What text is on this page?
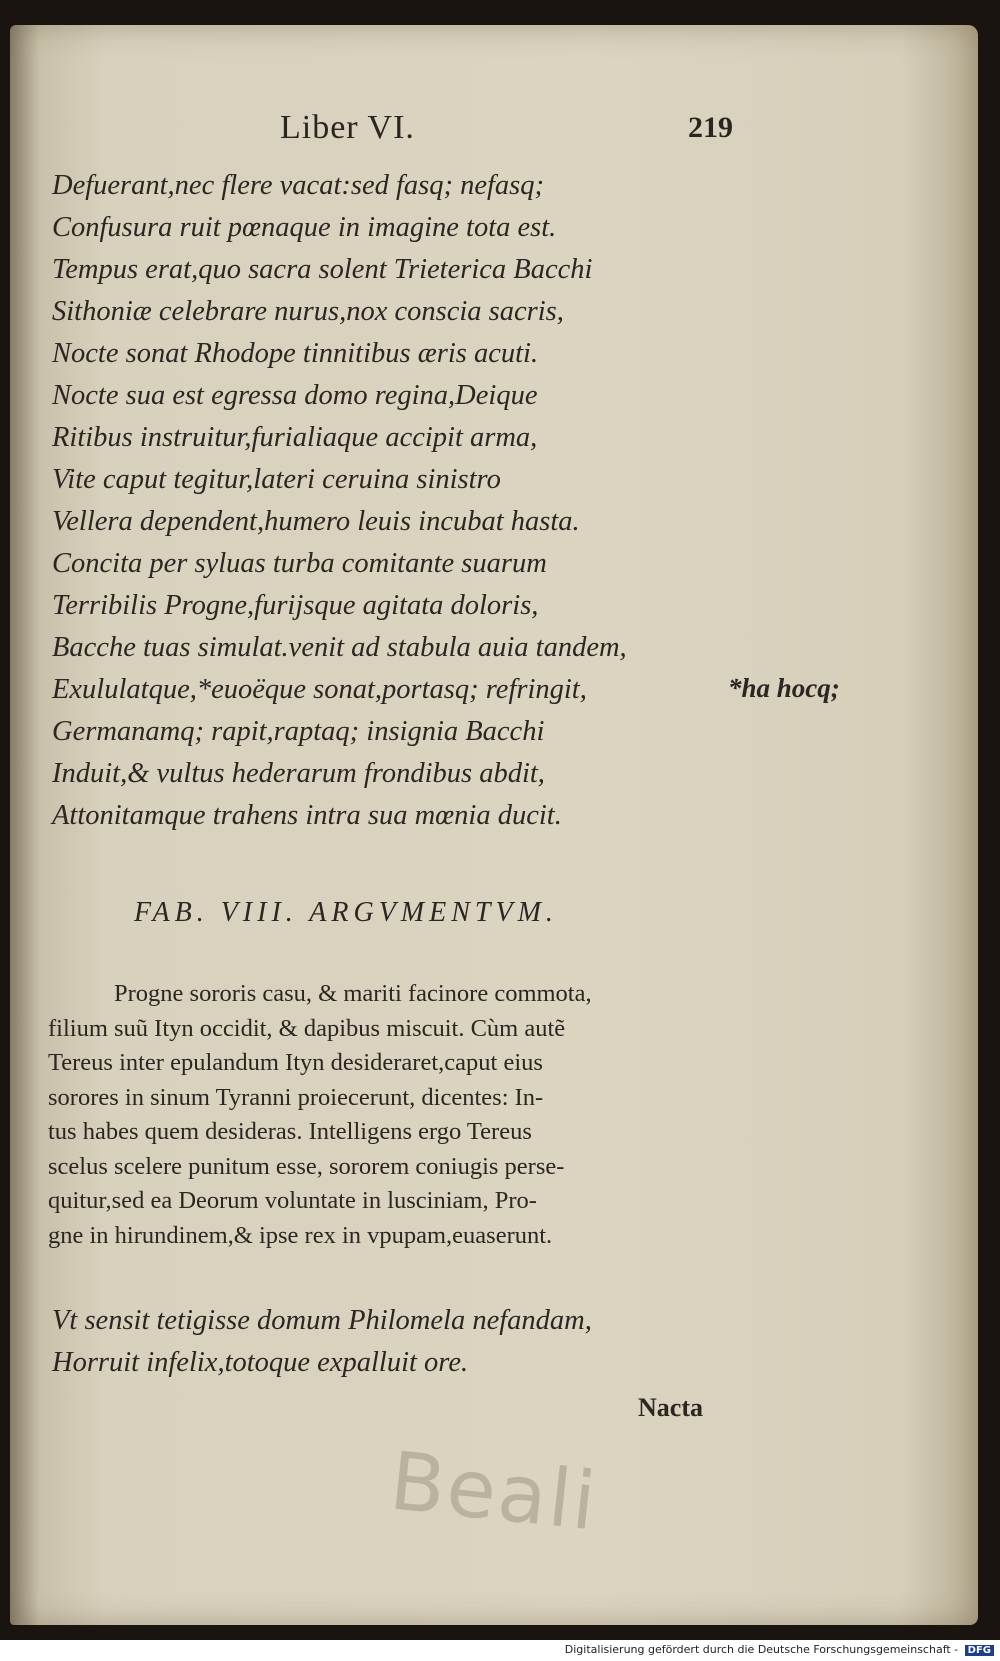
Liber VI.	219
Defuerant,nec flere vacat:sed fasq; nefasq;
Confusura ruit pœnaque in imagine tota est.
Tempus erat,quo sacra solent Trieterica Bacchi
Sithoniæ celebrare nurus,nox conscia sacris,
Nocte sonat Rhodope tinnitibus æris acuti.
Nocte sua est egressa domo regina,Deique
Ritibus instruitur,furialiaque accipit arma,
Vite caput tegitur,lateri ceruina sinistro
Vellera dependent,humero leuis incubat hasta.
Concita per syluas turba comitante suarum
Terribilis Progne,furijsque agitata doloris,
Bacche tuas simulat.venit ad stabula auia tandem,
Exululatque,*euoëque sonat,portasq; refringit,
Germanamq; rapit,raptaq; insignia Bacchi
Induit,& vultus hederarum frondibus abdit,
Attonitamque trahens intra sua mœnia ducit.
*ha hocq;
FAB. VIII. ARGVMENTVM.
Progne sororis casu, & mariti facinore commota,
filium suũ Ityn occidit, & dapibus miscuit. Cùm autẽ
Tereus inter epulandum Ityn desideraret,caput eius
sorores in sinum Tyranni proiecerunt, dicentes: In-
tus habes quem desideras. Intelligens ergo Tereus
scelus scelere punitum esse, sororem coniugis perse-
quitur,sed ea Deorum voluntate in lusciniam, Pro-
gne in hirundinem,& ipse rex in vpupam,euaserunt.
Vt sensit tetigisse domum Philomela nefandam,
Horruit infelix,totoque expalluit ore.
Nacta
Beali
Digitalisierung gefördert durch die Deutsche Forschungsgemeinschaft - DFG
